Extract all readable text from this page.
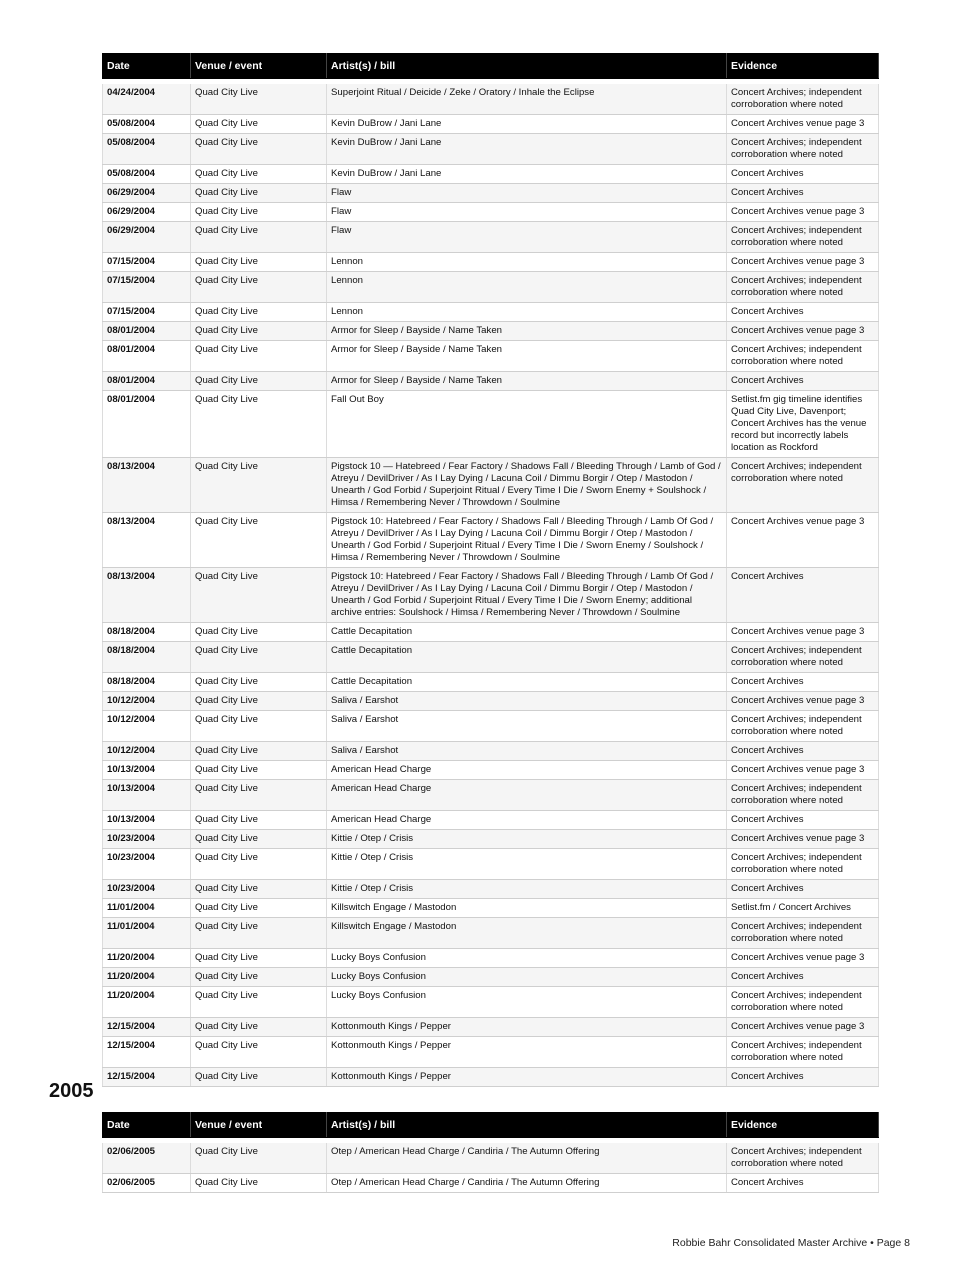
Date	Venue / event	Artist(s) / bill	Evidence

04/24/2004	Quad City Live	Superjoint Ritual / Deicide / Zeke / Oratory / Inhale the Eclipse	Concert Archives; independent corroboration where noted
05/08/2004	Quad City Live	Kevin DuBrow / Jani Lane	Concert Archives venue page 3
05/08/2004	Quad City Live	Kevin DuBrow / Jani Lane	Concert Archives; independent corroboration where noted
05/08/2004	Quad City Live	Kevin DuBrow / Jani Lane	Concert Archives
06/29/2004	Quad City Live	Flaw	Concert Archives
06/29/2004	Quad City Live	Flaw	Concert Archives venue page 3
06/29/2004	Quad City Live	Flaw	Concert Archives; independent corroboration where noted
07/15/2004	Quad City Live	Lennon	Concert Archives venue page 3
07/15/2004	Quad City Live	Lennon	Concert Archives; independent corroboration where noted
07/15/2004	Quad City Live	Lennon	Concert Archives
08/01/2004	Quad City Live	Armor for Sleep / Bayside / Name Taken	Concert Archives venue page 3
08/01/2004	Quad City Live	Armor for Sleep / Bayside / Name Taken	Concert Archives; independent corroboration where noted
08/01/2004	Quad City Live	Armor for Sleep / Bayside / Name Taken	Concert Archives
08/01/2004	Quad City Live	Fall Out Boy	Setlist.fm gig timeline identifies Quad City Live, Davenport; Concert Archives has the venue record but incorrectly labels location as Rockford
08/13/2004	Quad City Live	Pigstock 10 — Hatebreed / Fear Factory / Shadows Fall / Bleeding Through / Lamb of God / Atreyu / DevilDriver / As I Lay Dying / Lacuna Coil / Dimmu Borgir / Otep / Mastodon / Unearth / God Forbid / Superjoint Ritual / Every Time I Die / Sworn Enemy + Soulshock / Himsa / Remembering Never / Throwdown / Soulmine	Concert Archives; independent corroboration where noted
08/13/2004	Quad City Live	Pigstock 10: Hatebreed / Fear Factory / Shadows Fall / Bleeding Through / Lamb Of God / Atreyu / DevilDriver / As I Lay Dying / Lacuna Coil / Dimmu Borgir / Otep / Mastodon / Unearth / God Forbid / Superjoint Ritual / Every Time I Die / Sworn Enemy / Soulshock / Himsa / Remembering Never / Throwdown / Soulmine	Concert Archives venue page 3
08/13/2004	Quad City Live	Pigstock 10: Hatebreed / Fear Factory / Shadows Fall / Bleeding Through / Lamb Of God / Atreyu / DevilDriver / As I Lay Dying / Lacuna Coil / Dimmu Borgir / Otep / Mastodon / Unearth / God Forbid / Superjoint Ritual / Every Time I Die / Sworn Enemy; additional archive entries: Soulshock / Himsa / Remembering Never / Throwdown / Soulmine	Concert Archives
08/18/2004	Quad City Live	Cattle Decapitation	Concert Archives venue page 3
08/18/2004	Quad City Live	Cattle Decapitation	Concert Archives; independent corroboration where noted
08/18/2004	Quad City Live	Cattle Decapitation	Concert Archives
10/12/2004	Quad City Live	Saliva / Earshot	Concert Archives venue page 3
10/12/2004	Quad City Live	Saliva / Earshot	Concert Archives; independent corroboration where noted
10/12/2004	Quad City Live	Saliva / Earshot	Concert Archives
10/13/2004	Quad City Live	American Head Charge	Concert Archives venue page 3
10/13/2004	Quad City Live	American Head Charge	Concert Archives; independent corroboration where noted
10/13/2004	Quad City Live	American Head Charge	Concert Archives
10/23/2004	Quad City Live	Kittie / Otep / Crisis	Concert Archives venue page 3
10/23/2004	Quad City Live	Kittie / Otep / Crisis	Concert Archives; independent corroboration where noted
10/23/2004	Quad City Live	Kittie / Otep / Crisis	Concert Archives
11/01/2004	Quad City Live	Killswitch Engage / Mastodon	Setlist.fm / Concert Archives
11/01/2004	Quad City Live	Killswitch Engage / Mastodon	Concert Archives; independent corroboration where noted
11/20/2004	Quad City Live	Lucky Boys Confusion	Concert Archives venue page 3
11/20/2004	Quad City Live	Lucky Boys Confusion	Concert Archives
11/20/2004	Quad City Live	Lucky Boys Confusion	Concert Archives; independent corroboration where noted
12/15/2004	Quad City Live	Kottonmouth Kings / Pepper	Concert Archives venue page 3
12/15/2004	Quad City Live	Kottonmouth Kings / Pepper	Concert Archives; independent corroboration where noted
12/15/2004	Quad City Live	Kottonmouth Kings / Pepper	Concert Archives
2005
Date	Venue / event	Artist(s) / bill	Evidence

02/06/2005	Quad City Live	Otep / American Head Charge / Candiria / The Autumn Offering	Concert Archives; independent corroboration where noted
02/06/2005	Quad City Live	Otep / American Head Charge / Candiria / The Autumn Offering	Concert Archives
Robbie Bahr Consolidated Master Archive • Page 8
